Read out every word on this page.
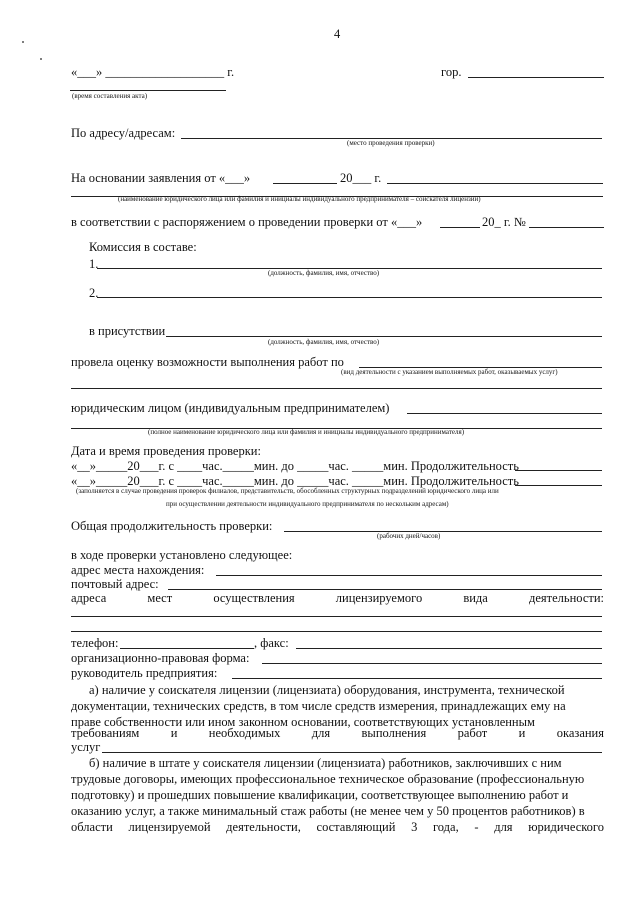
4
«___» ___________________ г.
(время составления акта)
гор.
По адресу/адресам:
(место проведения проверки)
На основании заявления от «___»	20___ г.
(наименование юридического лица или фамилия и инициалы индивидуального предпринимателя – соискателя лицензии)
в соответствии с распоряжением о проведении проверки от «___»	20_ г. №
Комиссия в составе:
1.
(должность, фамилия, имя, отчество)
2.
в присутствии
(должность, фамилия, имя, отчество)
провела оценку возможности выполнения работ по
(вид деятельности с указанием выполняемых работ, оказываемых услуг)
юридическим лицом (индивидуальным предпринимателем)
(полное наименование юридического лица или фамилия и инициалы индивидуального предпринимателя)
Дата и время проведения проверки:
«__»_____20___г. с ____час._____мин. до _____час. _____мин. Продолжительность
«__»_____20___г. с ____час._____мин. до _____час. _____мин. Продолжительность
(заполняется в случае проведения проверок филиалов, представительств, обособленных структурных подразделений юридического лица или
при осуществлении деятельности индивидуального предпринимателя по нескольким адресам)
Общая продолжительность проверки:
(рабочих дней/часов)
в ходе проверки установлено следующее:
адрес места нахождения:
почтовый адрес:
адреса	мест	осуществления	лицензируемого	вида	деятельности:
телефон:	, факс:
организационно-правовая форма:
руководитель предприятия:
а) наличие у соискателя лицензии (лицензиата) оборудования, инструмента, технической
документации, технических средств, в том числе средств измерения, принадлежащих ему на
праве собственности или ином законном основании, соответствующих установленным
требованиям	и	необходимых	для	выполнения	работ	и	оказания
услуг
б) наличие в штате у соискателя лицензии (лицензиата) работников, заключивших с ним
трудовые договоры, имеющих профессиональное техническое образование (профессиональную
подготовку) и прошедших повышение квалификации, соответствующее выполнению работ и
оказанию услуг, а также минимальный стаж работы (не менее чем у 50 процентов работников) в
области лицензируемой деятельности, составляющий 3 года, - для юридического
